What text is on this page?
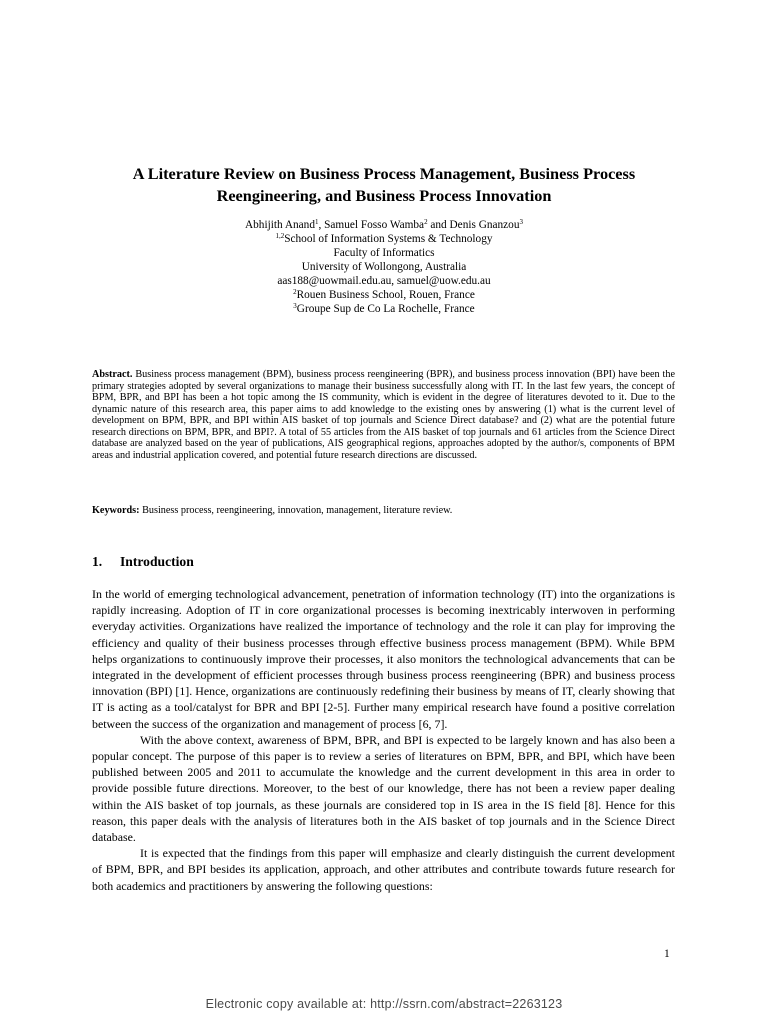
A Literature Review on Business Process Management, Business Process
Reengineering, and Business Process Innovation
Abhijith Anand$^1$, Samuel Fosso Wamba$^2$ and Denis Gnanzou$^3$
$^{1,2}$School of Information Systems & Technology
Faculty of Informatics
University of Wollongong, Australia
aas188@uowmail.edu.au, samuel@uow.edu.au
$^2$Rouen Business School, Rouen, France
$^3$Groupe Sup de Co La Rochelle, France

Abstract. Business process management (BPM), business process reengineering (BPR), and business process innovation (BPI) have been the primary strategies adopted by several organizations to manage their business successfully along with IT. In the last few years, the concept of BPM, BPR, and BPI has been a hot topic among the IS community, which is evident in the degree of literatures devoted to it. Due to the dynamic nature of this research area, this paper aims to add knowledge to the existing ones by answering (1) what is the current level of development on BPM, BPR, and BPI within AIS basket of top journals and Science Direct database? and (2) what are the potential future research directions on BPM, BPR, and BPI?. A total of 55 articles from the AIS basket of top journals and 61 articles from the Science Direct database are analyzed based on the year of publications, AIS geographical regions, approaches adopted by the author/s, components of BPM areas and industrial application covered, and potential future research directions are discussed.

Keywords: Business process, reengineering, innovation, management, literature review.

1. Introduction

In the world of emerging technological advancement, penetration of information technology (IT) into the organizations is rapidly increasing. Adoption of IT in core organizational processes is becoming inextricably interwoven in performing everyday activities. Organizations have realized the importance of technology and the role it can play for improving the efficiency and quality of their business processes through effective business process management (BPM). While BPM helps organizations to continuously improve their processes, it also monitors the technological advancements that can be integrated in the development of efficient processes through business process reengineering (BPR) and business process innovation (BPI) [1]. Hence, organizations are continuously redefining their business by means of IT, clearly showing that IT is acting as a tool/catalyst for BPR and BPI [2-5]. Further many empirical research have found a positive correlation between the success of the organization and management of process [6, 7].

With the above context, awareness of BPM, BPR, and BPI is expected to be largely known and has also been a popular concept. The purpose of this paper is to review a series of literatures on BPM, BPR, and BPI, which have been published between 2005 and 2011 to accumulate the knowledge and the current development in this area in order to provide possible future directions. Moreover, to the best of our knowledge, there has not been a review paper dealing within the AIS basket of top journals, as these journals are considered top in IS area in the IS field [8]. Hence for this reason, this paper deals with the analysis of literatures both in the AIS basket of top journals and in the Science Direct database.

It is expected that the findings from this paper will emphasize and clearly distinguish the current development of BPM, BPR, and BPI besides its application, approach, and other attributes and contribute towards future research for both academics and practitioners by answering the following questions:

1
Electronic copy available at: http://ssrn.com/abstract=2263123
